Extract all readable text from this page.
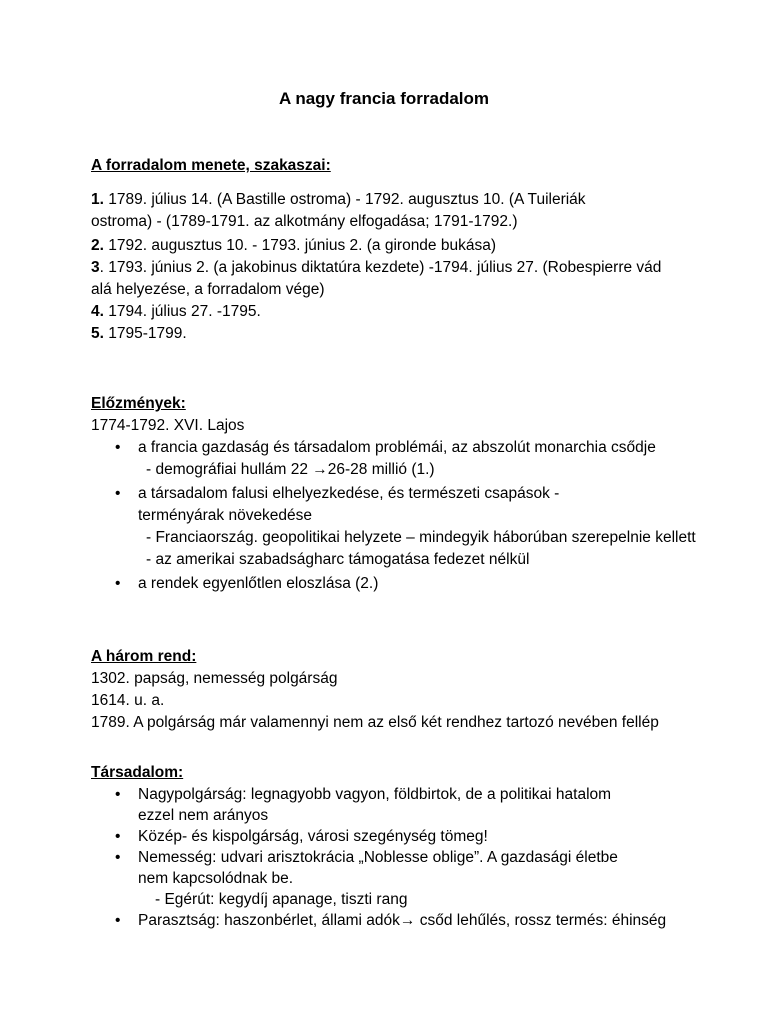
A nagy francia forradalom
A forradalom menete, szakaszai:
1. 1789. július 14. (A Bastille ostroma) - 1792. augusztus 10. (A Tuileriák ostroma) - (1789-1791. az alkotmány elfogadása; 1791-1792.)
2. 1792. augusztus 10. - 1793. június 2. (a gironde bukása)
3. 1793. június 2. (a jakobinus diktatúra kezdete) -1794. július 27. (Robespierre vád alá helyezése, a forradalom vége)
4. 1794. július 27. -1795.
5. 1795-1799.
Előzmények:
1774-1792. XVI. Lajos
• a francia gazdaság és társadalom problémái, az abszolút monarchia csődje
- demográfiai hullám 22 →26-28 millió (1.)
• a társadalom falusi elhelyezkedése, és természeti csapások - terményárak növekedése
- Franciaország. geopolitikai helyzete – mindegyik háborúban szerepelnie kellett
- az amerikai szabadságharc támogatása fedezet nélkül
• a rendek egyenlőtlen eloszlása (2.)
A három rend:
1302. papság, nemesség polgárság
1614. u. a.
1789. A polgárság már valamennyi nem az első két rendhez tartozó nevében fellép
Társadalom:
• Nagypolgárság: legnagyobb vagyon, földbirtok, de a politikai hatalom ezzel nem arányos
• Közép- és kispolgárság, városi szegénység tömeg!
• Nemesség: udvari arisztokrácia „Noblesse oblige”. A gazdasági életbe nem kapcsolódnak be.
- Egérút: kegydíj apanage, tiszti rang
• Parasztság: haszonbérlet, állami adók→ csőd lehűlés, rossz termés: éhinség
